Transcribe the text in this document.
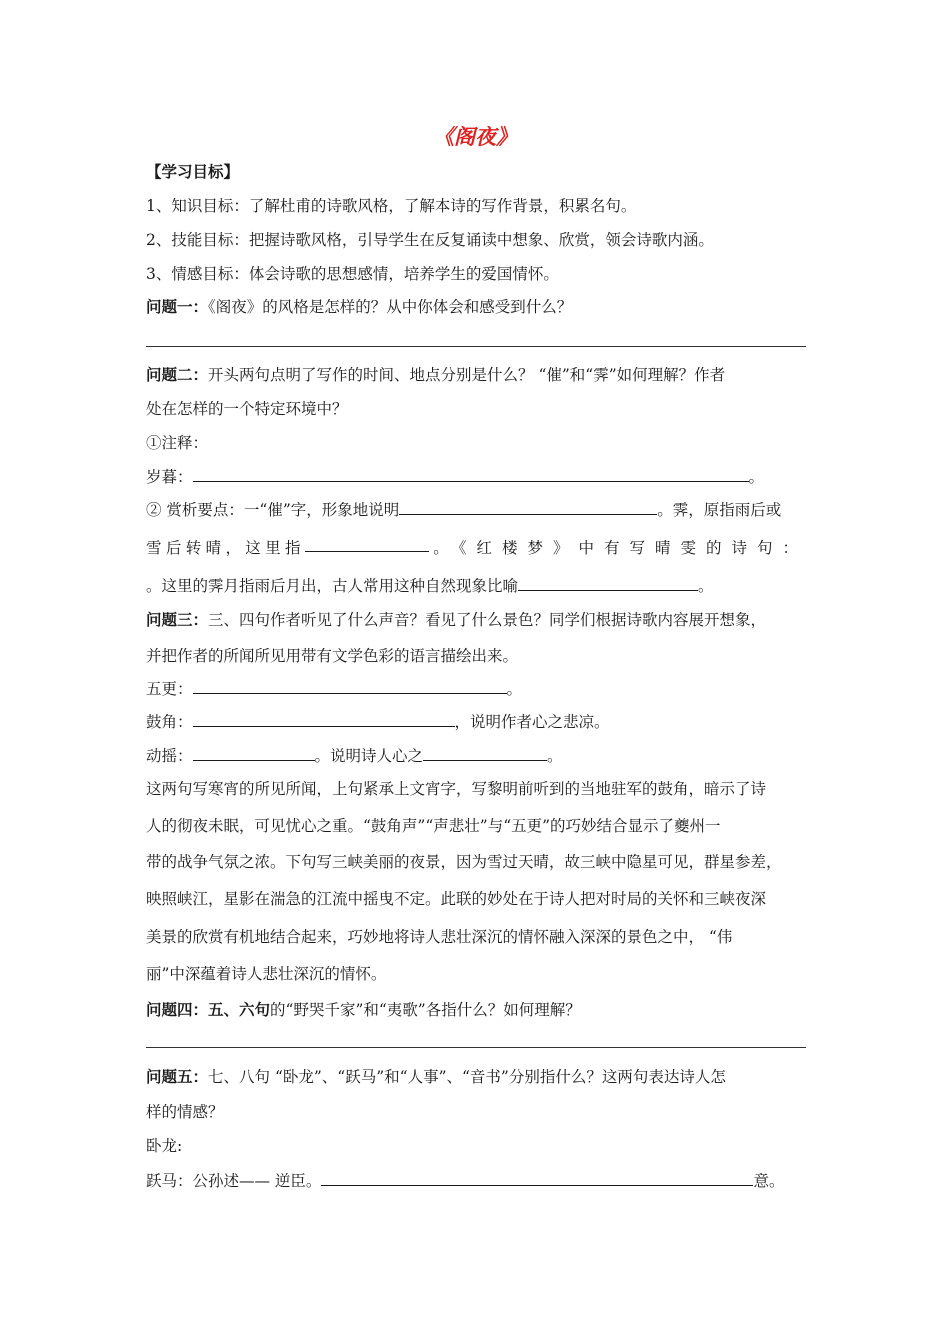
《阁夜》
【学习目标】
1、知识目标：了解杜甫的诗歌风格，了解本诗的写作背景，积累名句。
2、技能目标：把握诗歌风格，引导学生在反复诵读中想象、欣赏，领会诗歌内涵。
3、情感目标：体会诗歌的思想感情，培养学生的爱国情怀。
问题一：《阁夜》的风格是怎样的？从中你体会和感受到什么？
问题二：开头两句点明了写作的时间、地点分别是什么？ “催”和“霁”如何理解？作者
处在怎样的一个特定环境中？
①注释：
岁暮：	。
② 赏析要点：一“催”字，形象地说明	。霁，原指雨后或
雪 后 转 晴 ， 这 里 指	。《红楼梦》中有写晴雯的诗句：
。这里的霁月指雨后月出，古人常用这种自然现象比喻	。
问题三：三、四句作者听见了什么声音？看见了什么景色？同学们根据诗歌内容展开想象，
并把作者的所闻所见用带有文学色彩的语言描绘出来。
五更：	。
鼓角：	，说明作者心之悲凉。
动摇：	。说明诗人心之	。
这两句写寒宵的所见所闻，上句紧承上文宵字，写黎明前听到的当地驻军的鼓角，暗示了诗
人的彻夜未眠，可见忧心之重。“鼓角声”“声悲壮”与“五更”的巧妙结合显示了夔州一
带的战争气氛之浓。下句写三峡美丽的夜景，因为雪过天晴，故三峡中隐星可见，群星参差，
映照峡江，星影在湍急的江流中摇曳不定。此联的妙处在于诗人把对时局的关怀和三峡夜深
美景的欣赏有机地结合起来，巧妙地将诗人悲壮深沉的情怀融入深深的景色之中， “伟
丽”中深蕴着诗人悲壮深沉的情怀。
问题四：五、六句的“野哭千家”和“夷歌”各指什么？如何理解？
问题五：七、八句 “卧龙”、“跃马”和“人事”、“音书”分别指什么？这两句表达诗人怎
样的情感？
卧龙:
跃马：公孙述—— 逆臣。	意。
